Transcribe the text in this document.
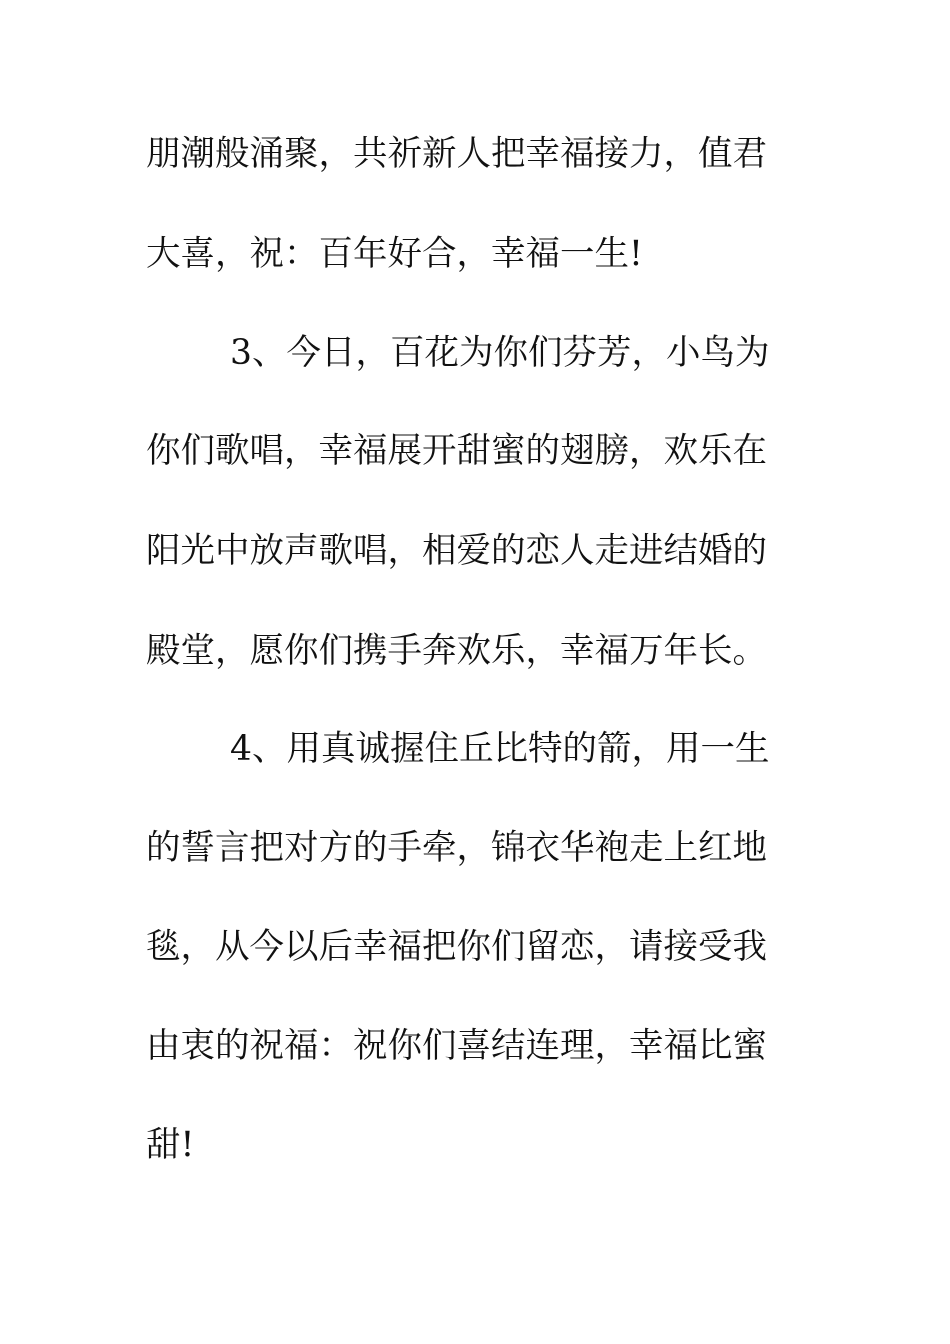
朋潮般涌聚，共祈新人把幸福接力，值君
大喜，祝：百年好合，幸福一生!
3、今日，百花为你们芬芳，小鸟为
你们歌唱，幸福展开甜蜜的翅膀，欢乐在
阳光中放声歌唱，相爱的恋人走进结婚的
殿堂，愿你们携手奔欢乐，幸福万年长。
4、用真诚握住丘比特的箭，用一生
的誓言把对方的手牵，锦衣华袍走上红地
毯，从今以后幸福把你们留恋，请接受我
由衷的祝福：祝你们喜结连理，幸福比蜜
甜!
